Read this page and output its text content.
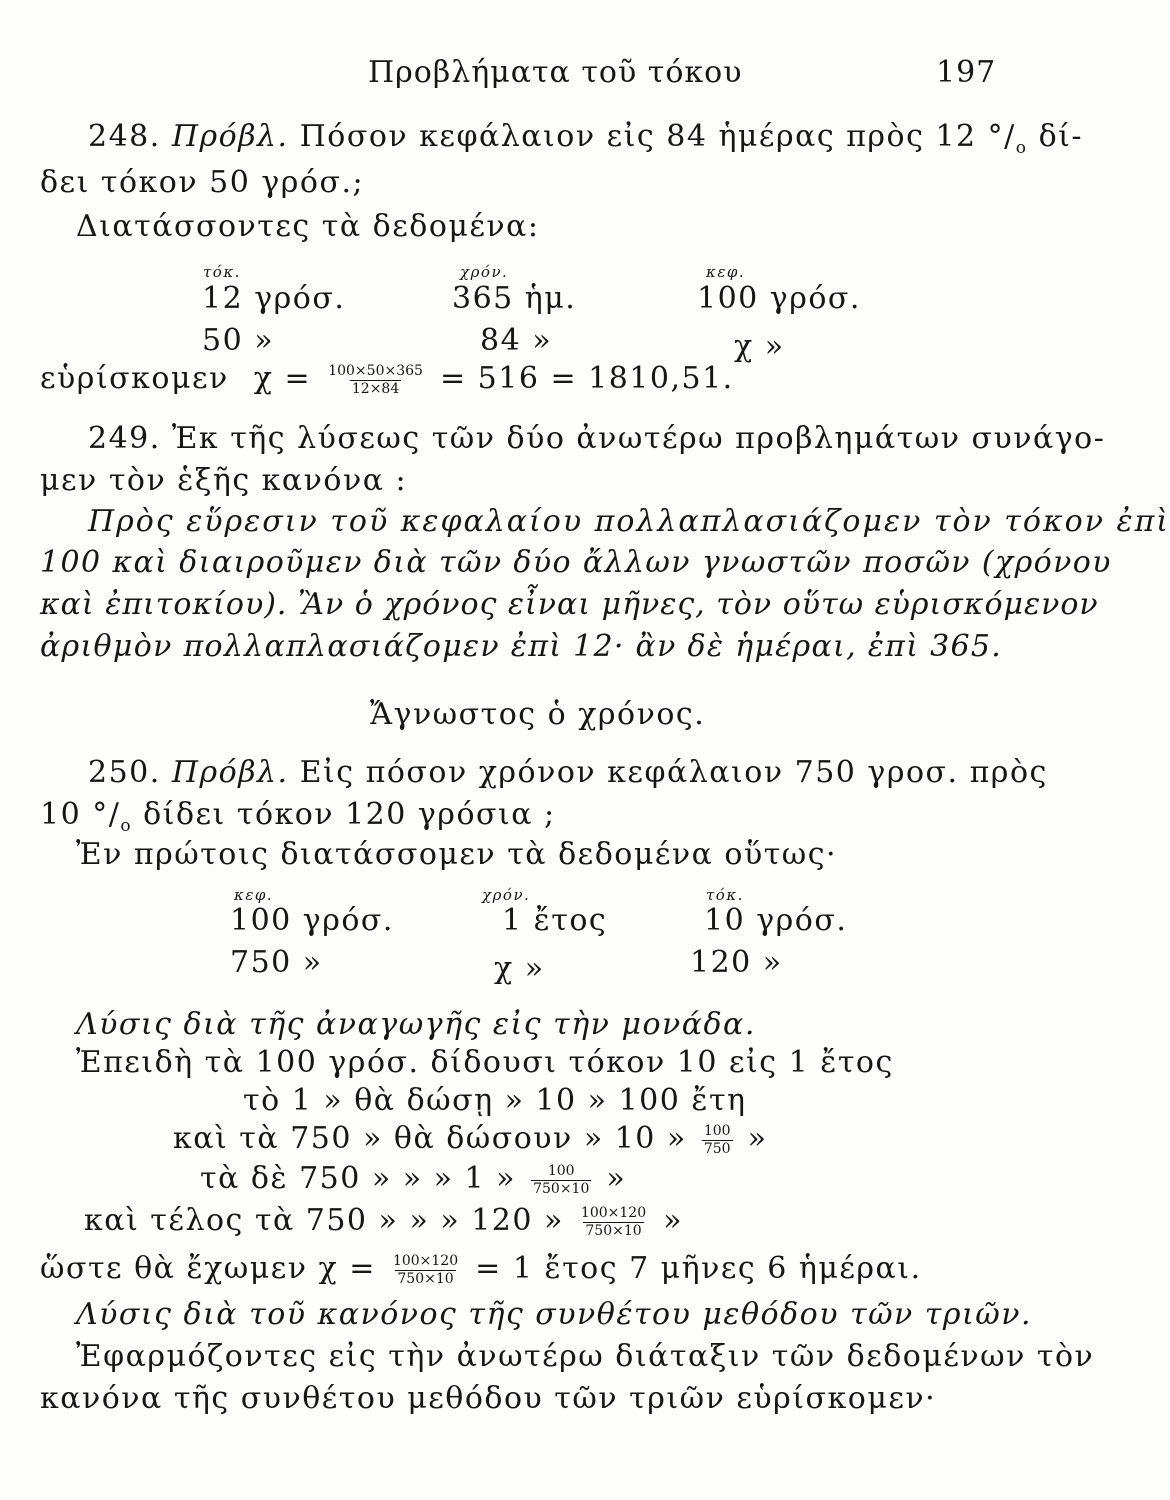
Προβλήματα τοῦ τόκου	197
248. Πρόβλ. Πόσον κεφάλαιον εἰς 84 ἡμέρας πρὸς 12 $^\circ/_o$ δί-
δει τόκον 50 γρόσ.;
Διατάσσοντες τὰ δεδομένα:
τόκ.	χρόν.	κεφ.
12 γρόσ.	365 ἡμ.	100 γρόσ.
50 »	84 »	χ »
εὑρίσκομεν $\chi = \frac{100\times 50\times 365}{12\times 84} = 516 = 1810,51$.
249. Ἐκ τῆς λύσεως τῶν δύο ἀνωτέρω προβλημάτων συνάγο-
μεν τὸν ἑξῆς κανόνα :
Πρὸς εὕρεσιν τοῦ κεφαλαίου πολλαπλασιάζομεν τὸν τόκον ἐπὶ
100 καὶ διαιροῦμεν διὰ τῶν δύο ἄλλων γνωστῶν ποσῶν (χρόνου
καὶ ἐπιτοκίου). Ἂν ὁ χρόνος εἶναι μῆνες, τὸν οὕτω εὑρισκόμενον
ἀριθμὸν πολλαπλασιάζομεν ἐπὶ 12· ἂν δὲ ἡμέραι, ἐπὶ 365.
Ἄγνωστος ὁ χρόνος.
250. Πρόβλ. Εἰς πόσον χρόνον κεφάλαιον 750 γροσ. πρὸς
10 $^\circ/_o$ δίδει τόκον 120 γρόσια ;
Ἐν πρώτοις διατάσσομεν τὰ δεδομένα οὕτως·
κεφ.	χρόν.	τόκ.
100 γρόσ.	1 ἔτος	10 γρόσ.
750 »	χ »	120 »
Λύσις διὰ τῆς ἀναγωγῆς εἰς τὴν μονάδα.
Ἐπειδὴ τὰ 100 γρόσ. δίδουσι τόκον 10 εἰς 1 ἔτος
τὸ 1 » θὰ δώσῃ » 10 » 100 ἔτη
καὶ τὰ 750 » θὰ δώσουν » 10 » $\frac{100}{750}$ »
τὰ δὲ 750 » » » 1 » $\frac{100}{750\times 10}$ »
καὶ τέλος τὰ 750 » » » 120 » $\frac{100\times 120}{750\times 10}$ »
ὥστε θὰ ἔχωμεν $\chi = \frac{100\times 120}{750\times 10} = 1$ ἔτος 7 μῆνες 6 ἡμέραι.
Λύσις διὰ τοῦ κανόνος τῆς συνθέτου μεθόδου τῶν τριῶν.
Ἐφαρμόζοντες εἰς τὴν ἀνωτέρω διάταξιν τῶν δεδομένων τὸν
κανόνα τῆς συνθέτου μεθόδου τῶν τριῶν εὑρίσκομεν·
